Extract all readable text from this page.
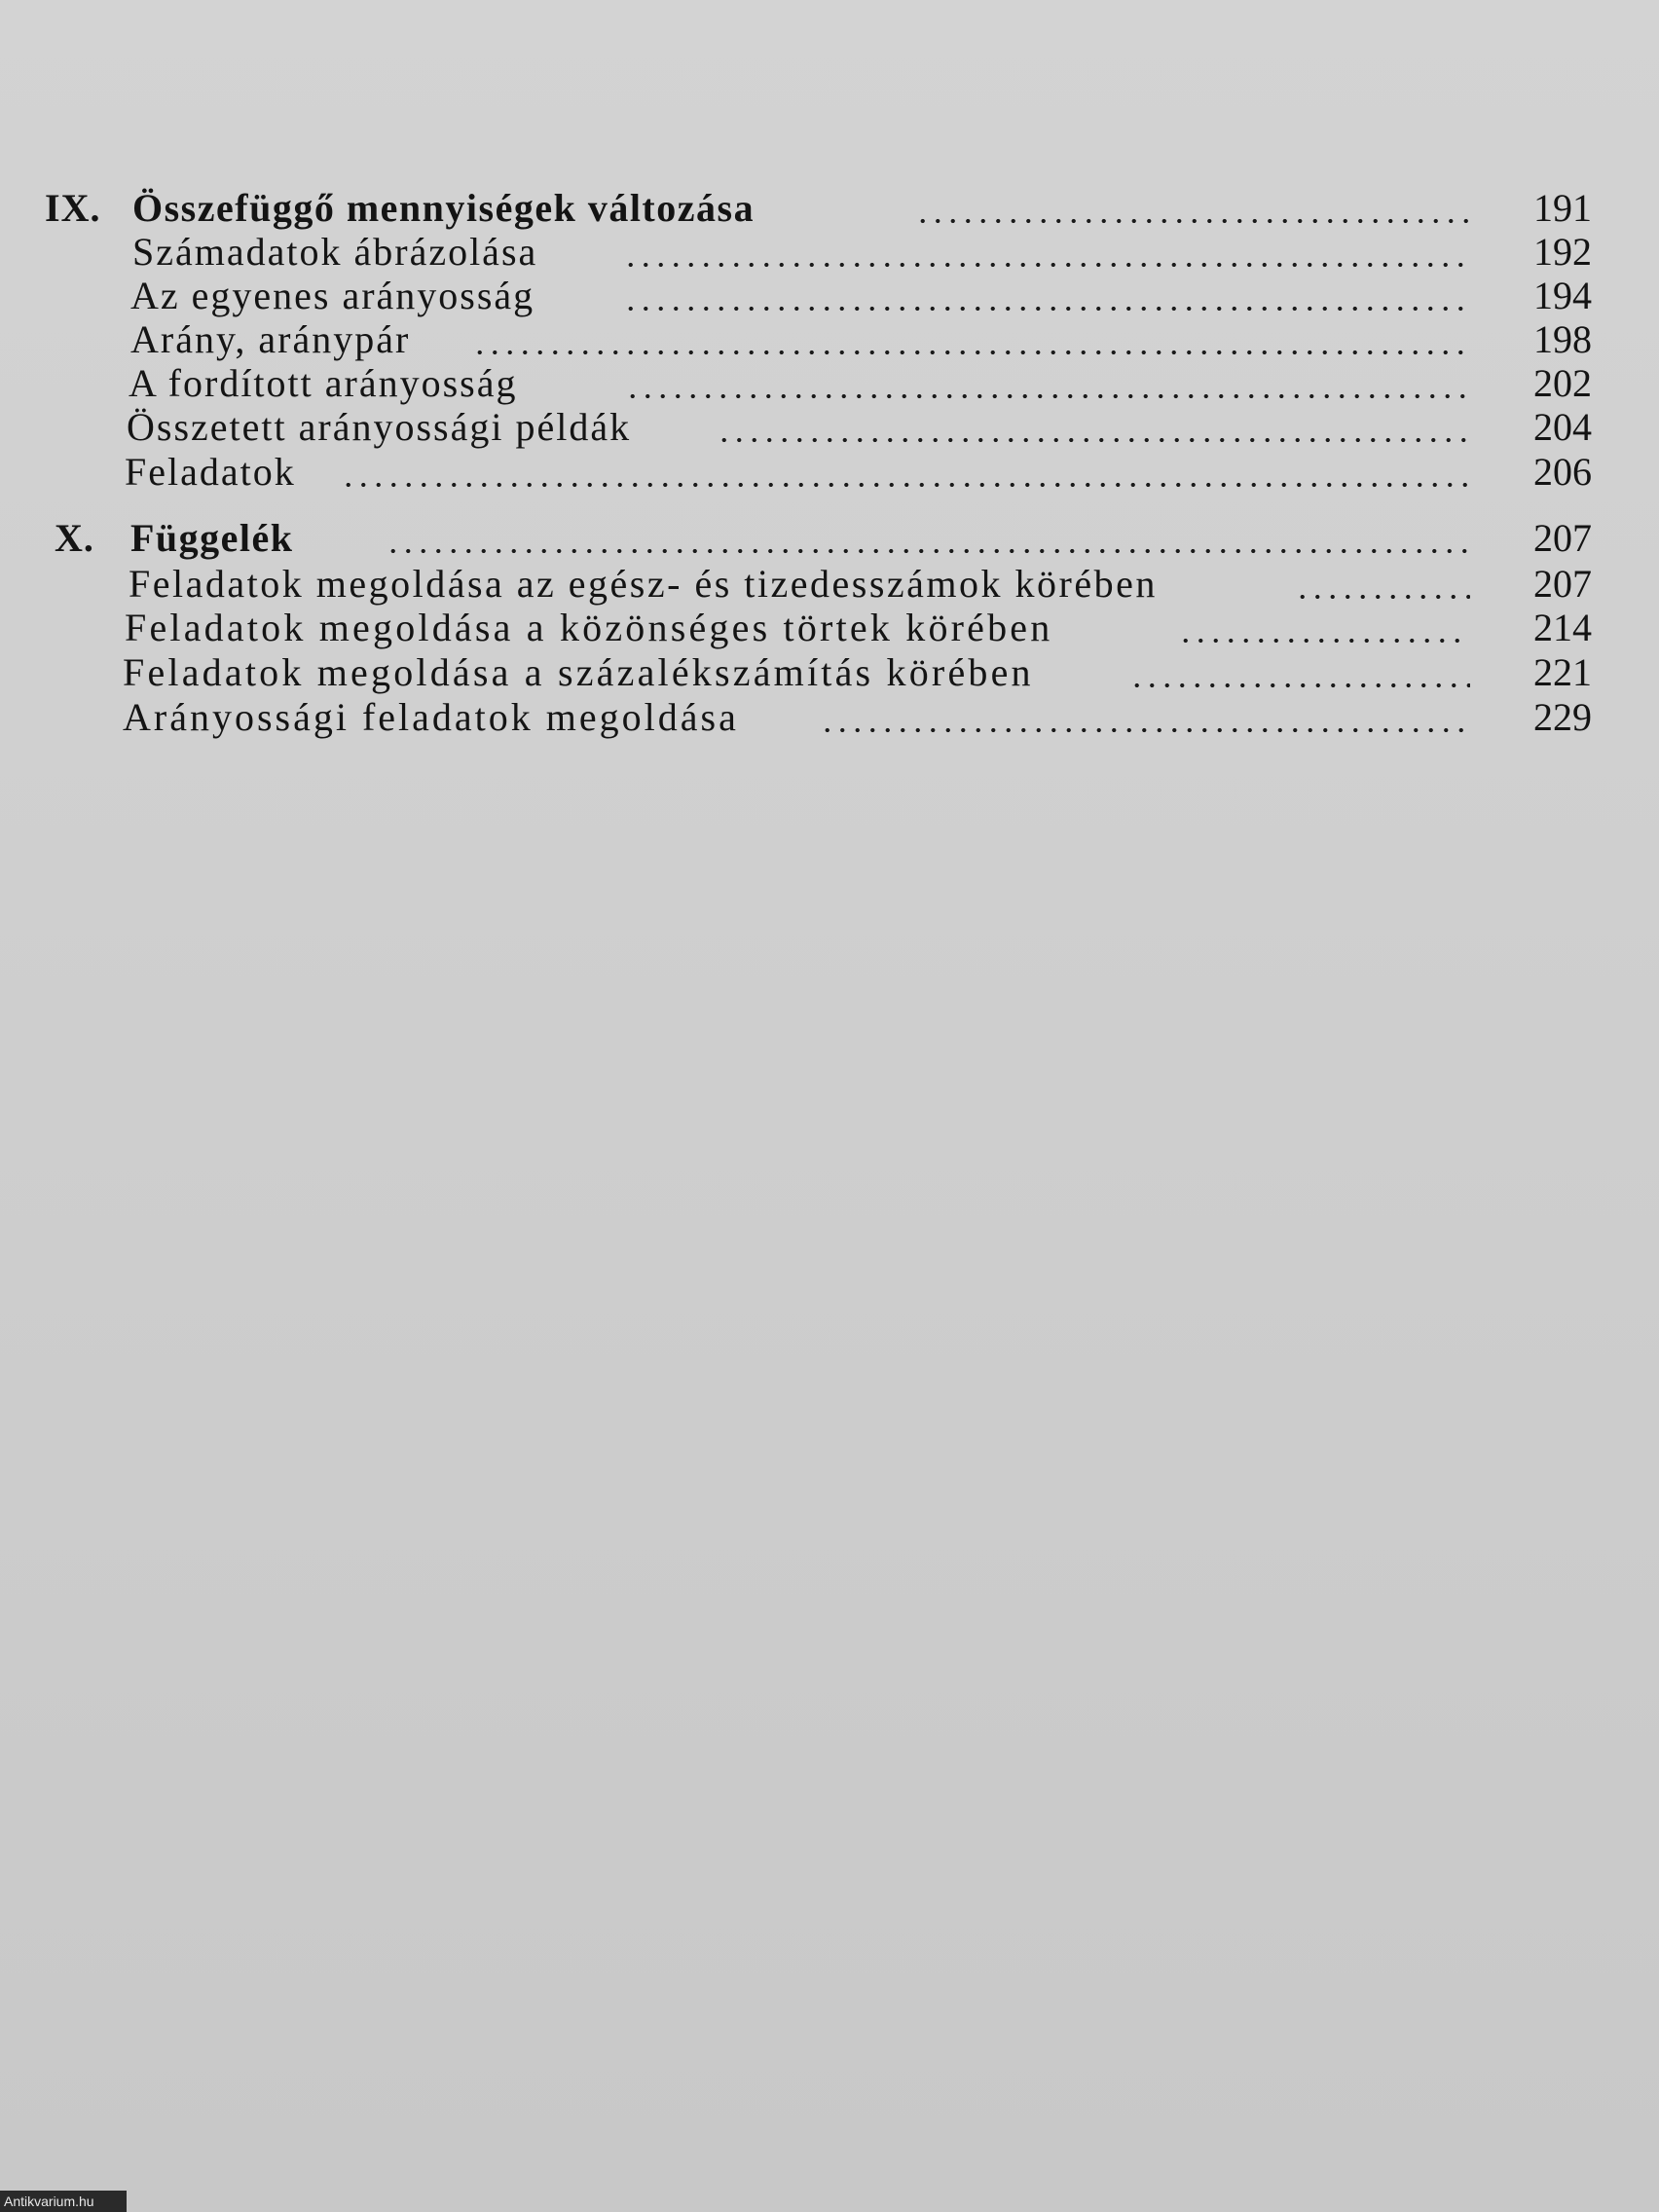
IX. Összefüggő mennyiségek változása	191
Számadatok ábrázolása	192
Az egyenes arányosság	194
Arány, aránypár	198
A fordított arányosság	202
Összetett arányossági példák	204
Feladatok	206
X. Függelék	207
Feladatok megoldása az egész- és tizedesszámok körében	207
Feladatok megoldása a közönséges törtek körében	214
Feladatok megoldása a százalékszámítás körében	221
Arányossági feladatok megoldása	229
Antikvarium.hu
